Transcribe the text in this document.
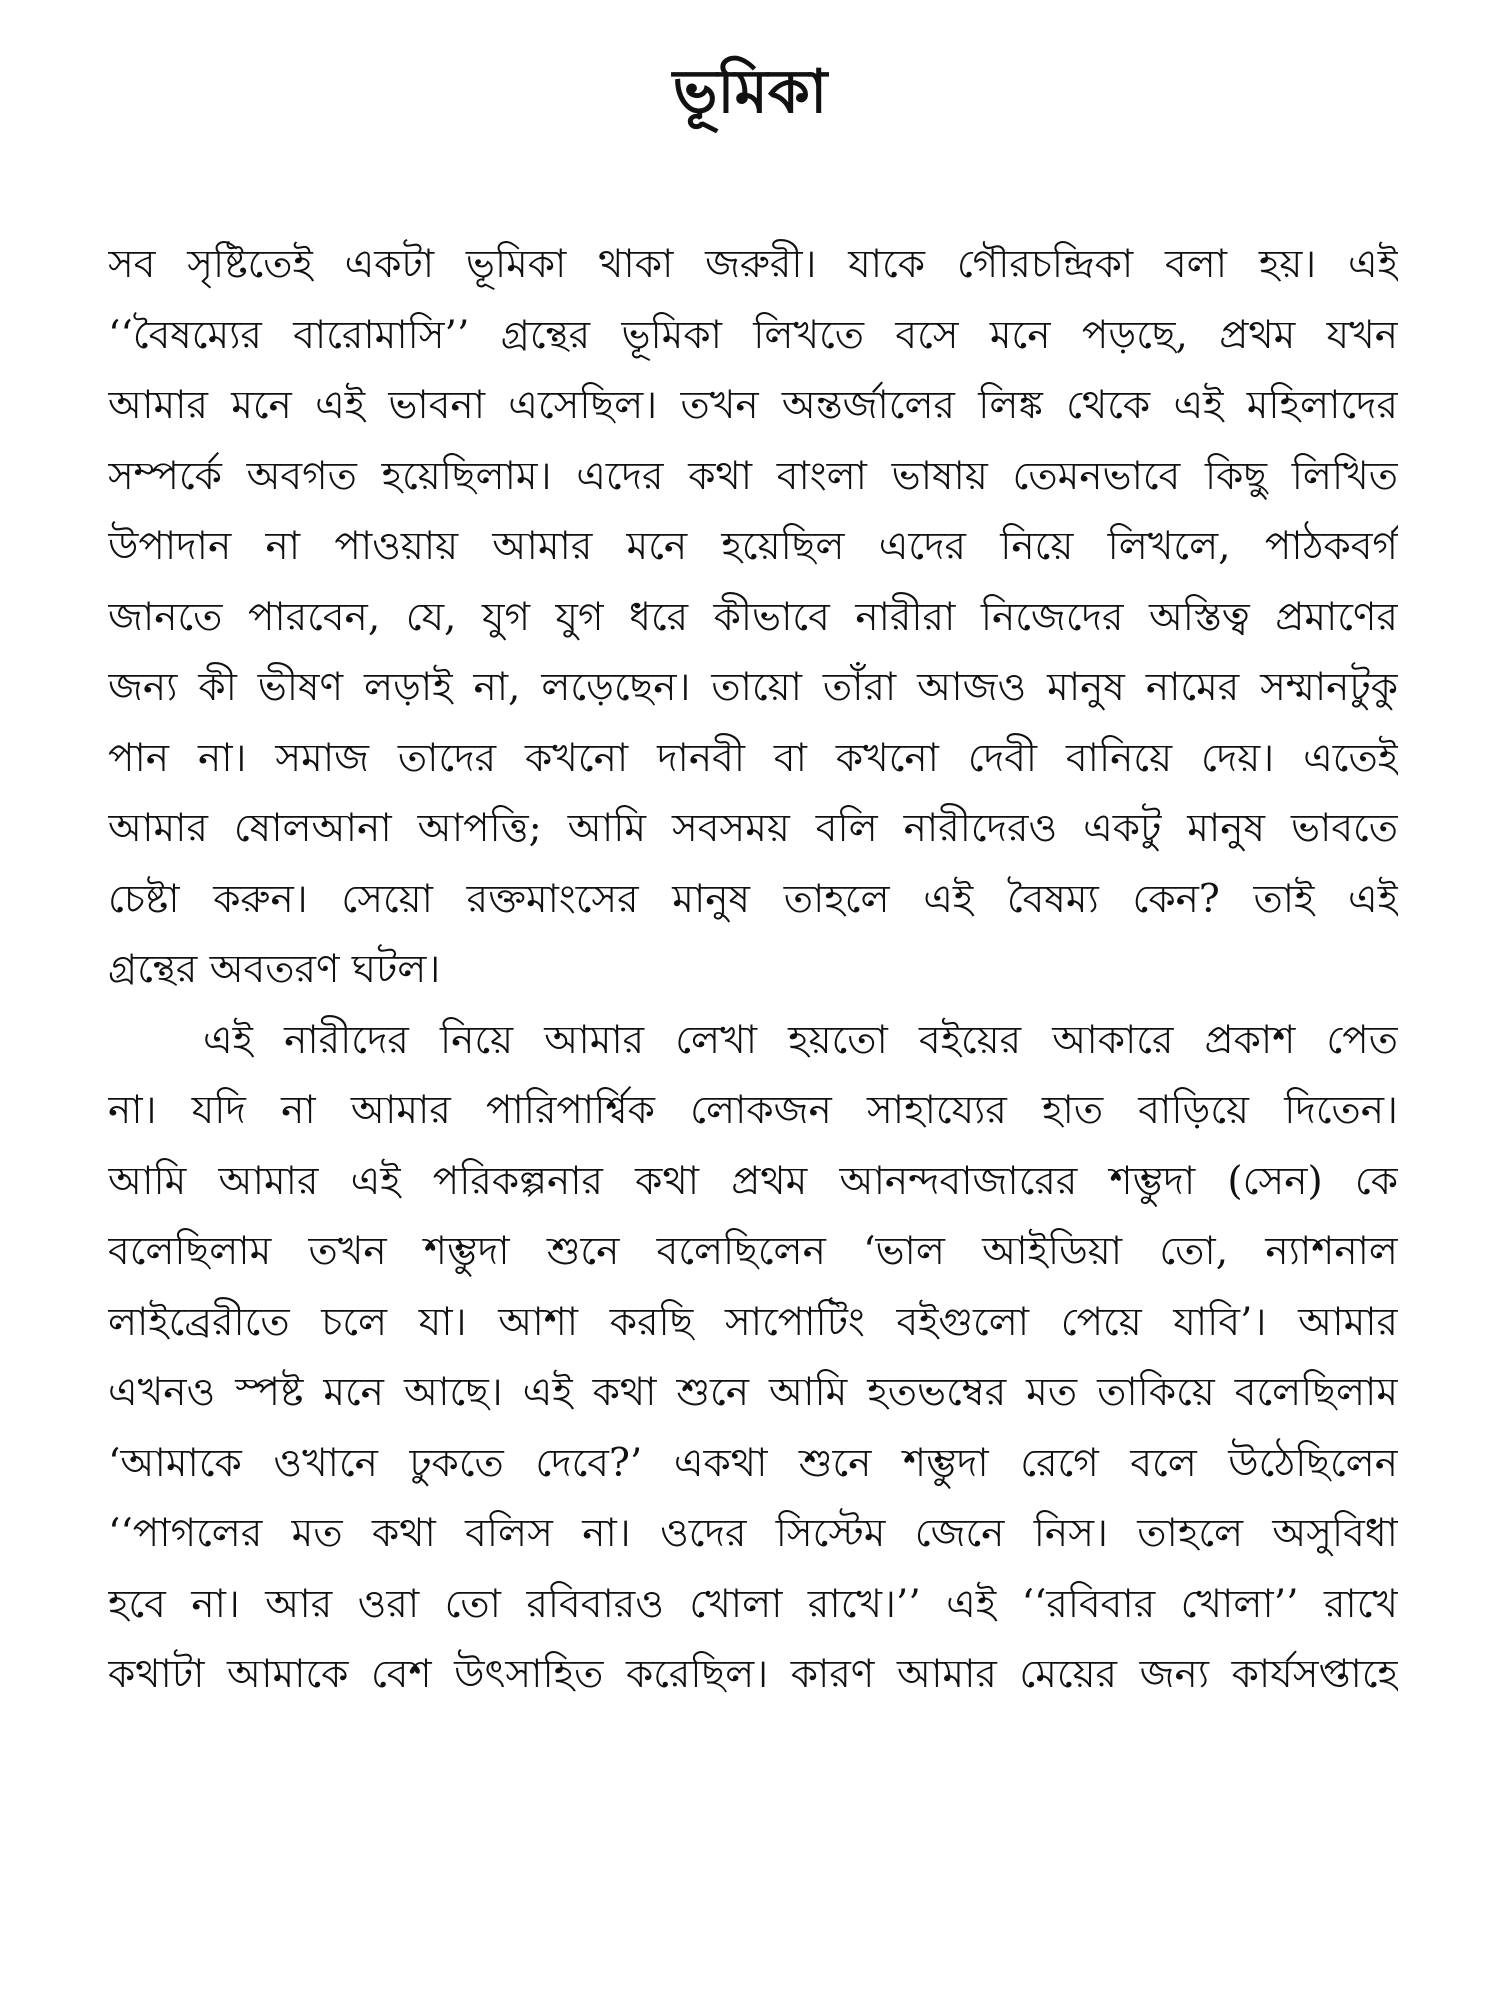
ভূমিকা
সব সৃষ্টিতেই একটা ভূমিকা থাকা জরুরী। যাকে গৌরচন্দ্রিকা বলা হয়। এই
‘‘বৈষম্যের বারোমাসি’’ গ্রন্থের ভূমিকা লিখতে বসে মনে পড়ছে, প্রথম যখন
আমার মনে এই ভাবনা এসেছিল। তখন অন্তর্জালের লিঙ্ক থেকে এই মহিলাদের
সম্পর্কে অবগত হয়েছিলাম। এদের কথা বাংলা ভাষায় তেমনভাবে কিছু লিখিত
উপাদান না পাওয়ায় আমার মনে হয়েছিল এদের নিয়ে লিখলে, পাঠকবর্গ
জানতে পারবেন, যে, যুগ যুগ ধরে কীভাবে নারীরা নিজেদের অস্তিত্ব প্রমাণের
জন্য কী ভীষণ লড়াই না, লড়েছেন। তায়ো তাঁরা আজও মানুষ নামের সম্মানটুকু
পান না। সমাজ তাদের কখনো দানবী বা কখনো দেবী বানিয়ে দেয়। এতেই
আমার ষোলআনা আপত্তি; আমি সবসময় বলি নারীদেরও একটু মানুষ ভাবতে
চেষ্টা করুন। সেয়ো রক্তমাংসের মানুষ তাহলে এই বৈষম্য কেন? তাই এই
গ্রন্থের অবতরণ ঘটল।
এই নারীদের নিয়ে আমার লেখা হয়তো বইয়ের আকারে প্রকাশ পেত
না। যদি না আমার পারিপার্শ্বিক লোকজন সাহায্যের হাত বাড়িয়ে দিতেন।
আমি আমার এই পরিকল্পনার কথা প্রথম আনন্দবাজারের শম্ভুদা (সেন) কে
বলেছিলাম তখন শম্ভুদা শুনে বলেছিলেন ‘ভাল আইডিয়া তো, ন্যাশনাল
লাইব্রেরীতে চলে যা। আশা করছি সাপোটিং বইগুলো পেয়ে যাবি’। আমার
এখনও স্পষ্ট মনে আছে। এই কথা শুনে আমি হতভম্বের মত তাকিয়ে বলেছিলাম
‘আমাকে ওখানে ঢুকতে দেবে?’ একথা শুনে শম্ভুদা রেগে বলে উঠেছিলেন
‘‘পাগলের মত কথা বলিস না। ওদের সিস্টেম জেনে নিস। তাহলে অসুবিধা
হবে না। আর ওরা তো রবিবারও খোলা রাখে।’’ এই ‘‘রবিবার খোলা’’ রাখে
কথাটা আমাকে বেশ উৎসাহিত করেছিল। কারণ আমার মেয়ের জন্য কার্যসপ্তাহে
